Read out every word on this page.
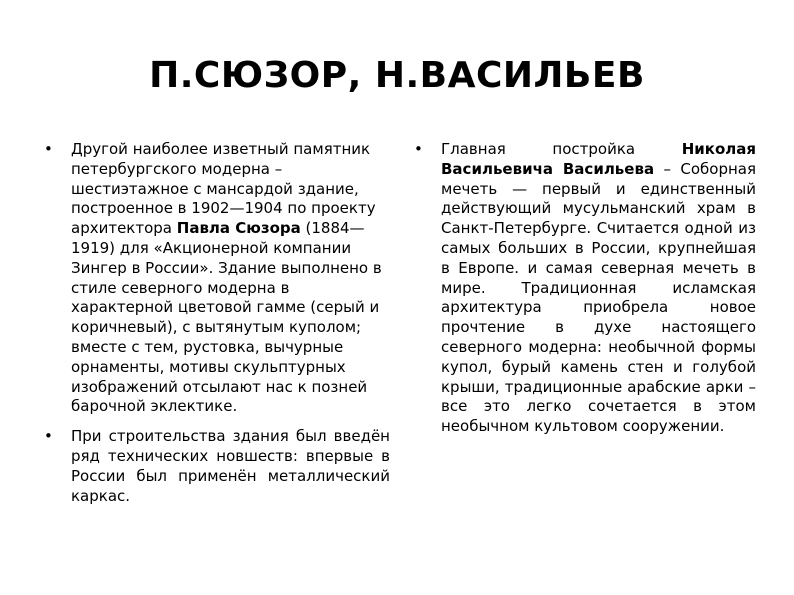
П.СЮЗОР, Н.ВАСИЛЬЕВ
• Другой наиболее изветный памятник петербургского модерна – шестиэтажное с мансардой здание, построенное в 1902—1904 по проекту архитектора Павла Сюзора (1884—1919) для «Акционерной компании Зингер в России». Здание выполнено в стиле северного модерна в характерной цветовой гамме (серый и коричневый), с вытянутым куполом; вместе с тем, рустовка, вычурные орнаменты, мотивы скульптурных изображений отсылают нас к позней барочной эклектике.
• При строительства здания был введён ряд технических новшеств: впервые в России был применён металлический каркас.
• Главная постройка Николая Васильевича Васильева – Соборная мечеть — первый и единственный действующий мусульманский храм в Санкт-Петербурге. Считается одной из самых больших в России, крупнейшая в Европе. и самая северная мечеть в мире. Традиционная исламская архитектура приобрела новое прочтение в духе настоящего северного модерна: необычной формы купол, бурый камень стен и голубой крыши, традиционные арабские арки – все это легко сочетается в этом необычном культовом сооружении.
